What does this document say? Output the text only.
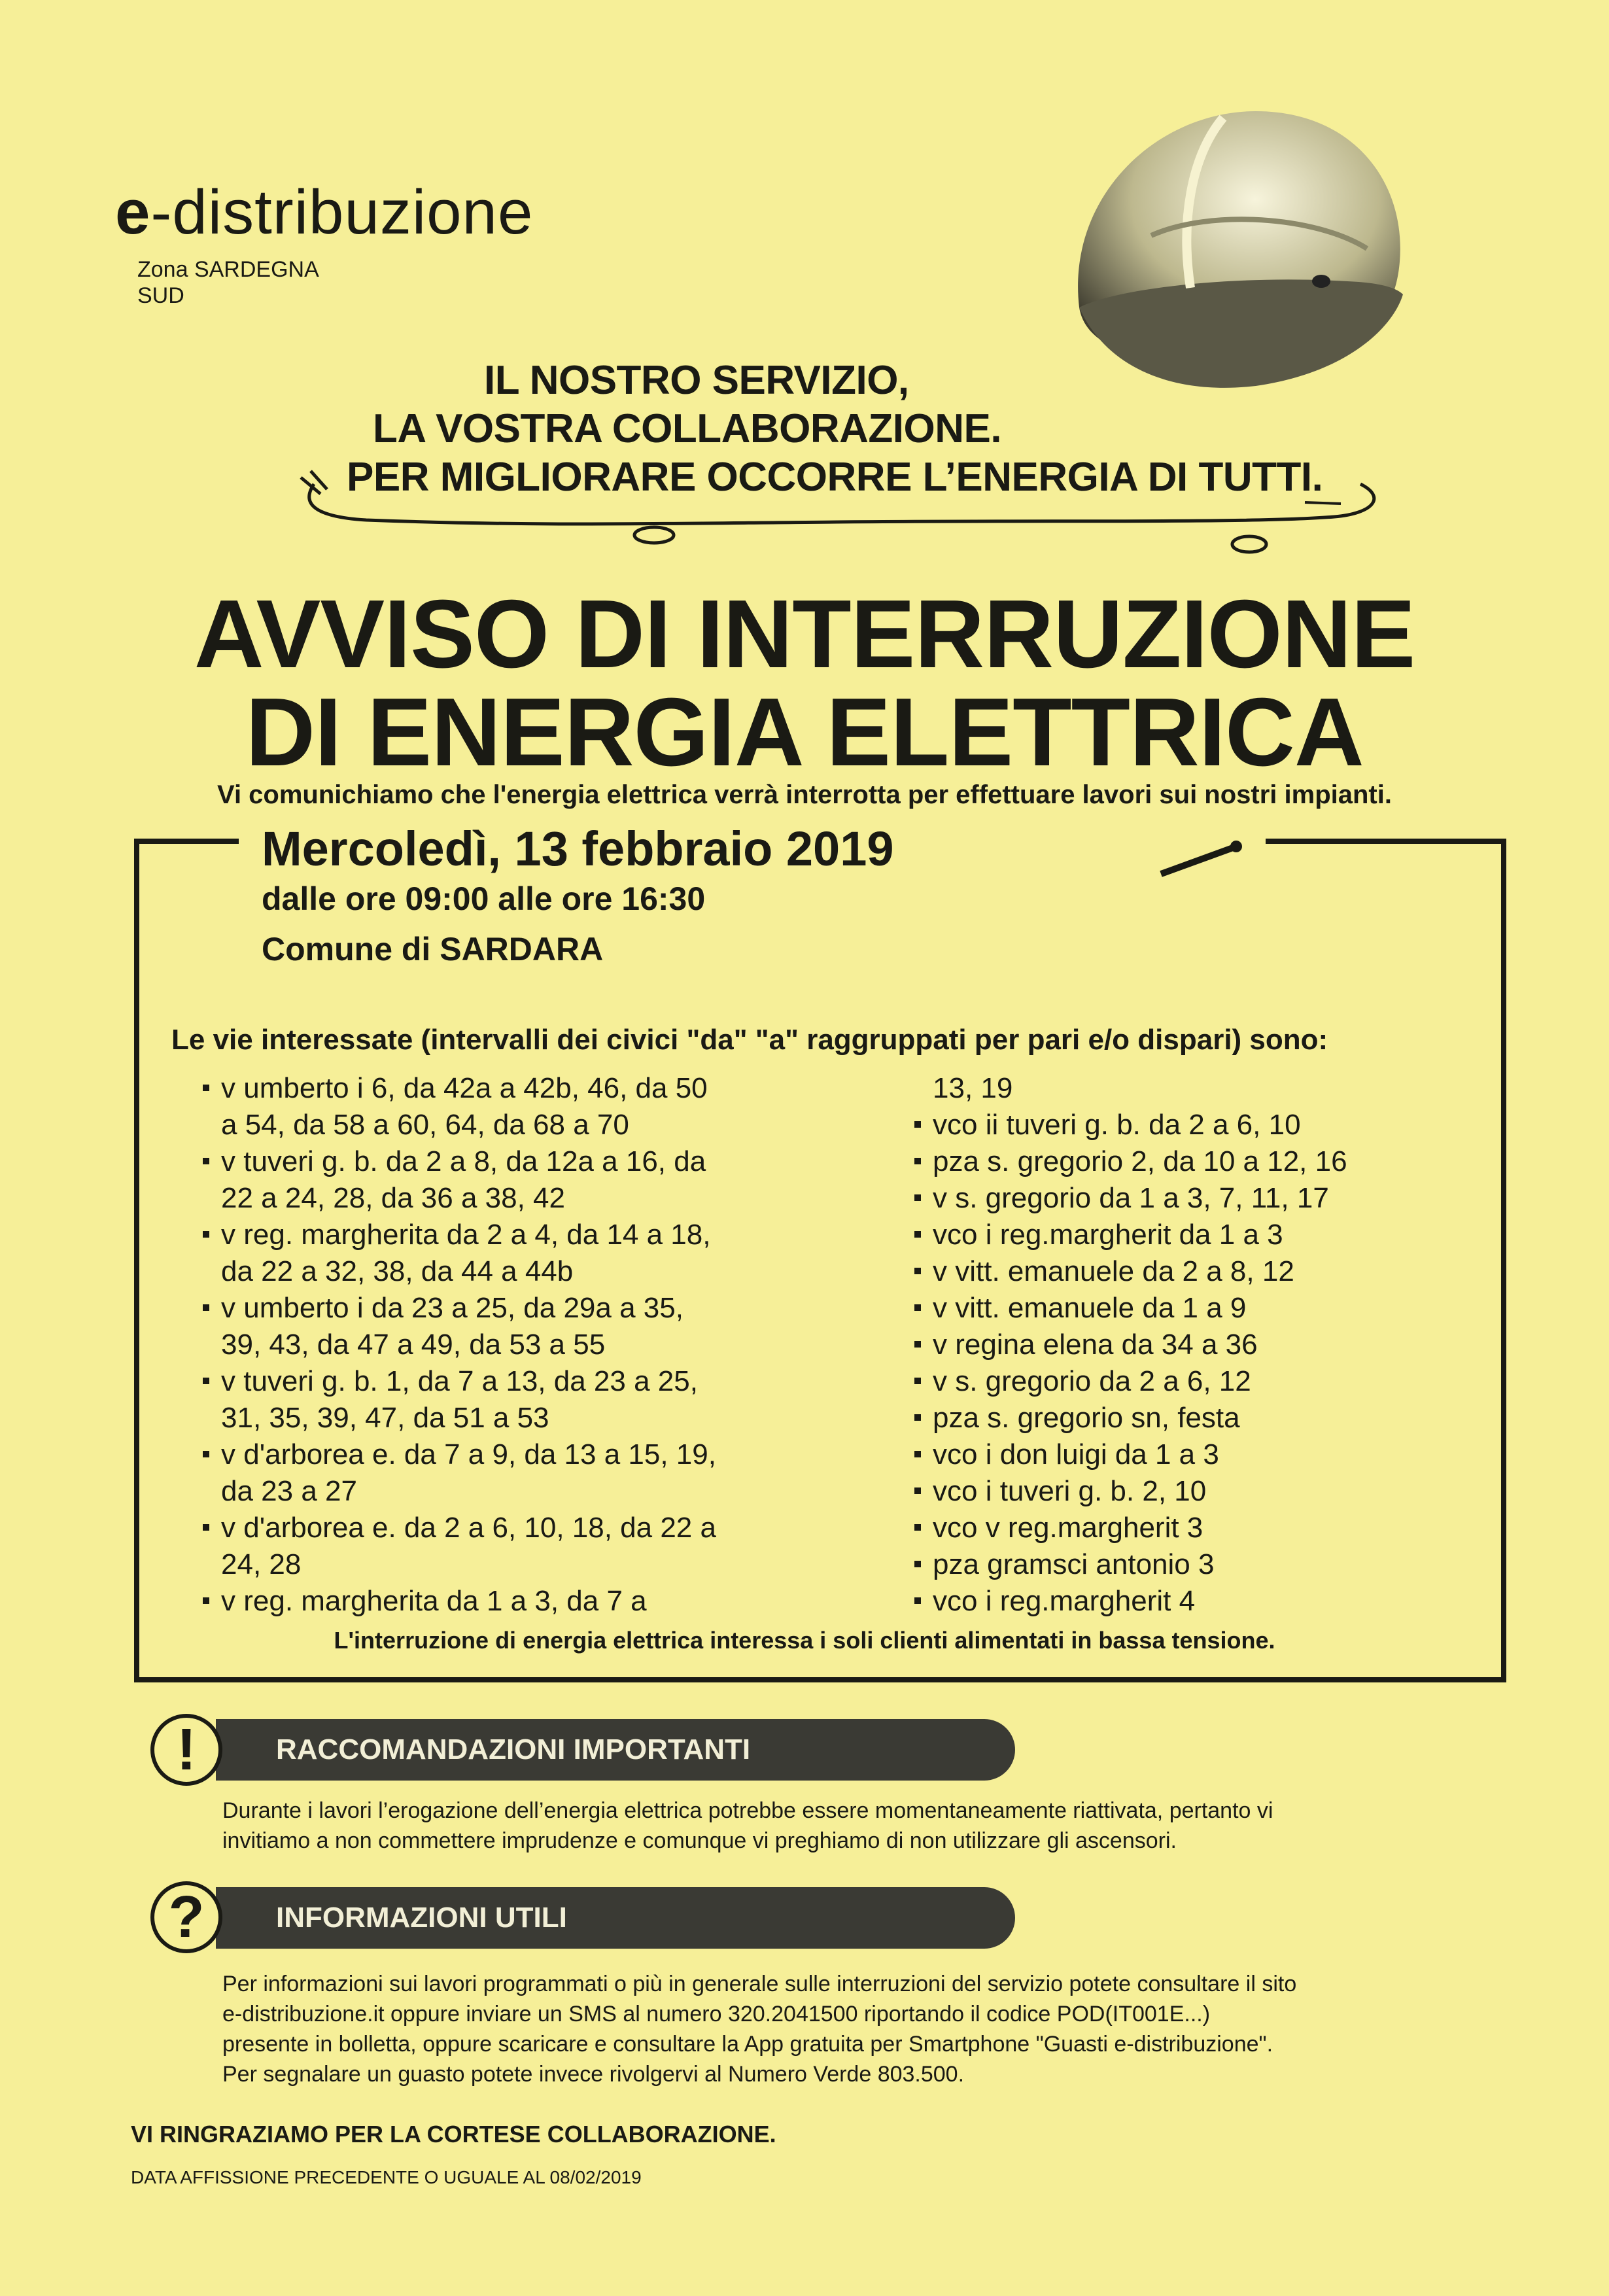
e-distribuzione
Zona SARDEGNA
SUD
IL NOSTRO SERVIZIO,
LA VOSTRA COLLABORAZIONE.
PER MIGLIORARE OCCORRE L’ENERGIA DI TUTTI.
AVVISO DI INTERRUZIONE
DI ENERGIA ELETTRICA
Vi comunichiamo che l'energia elettrica verrà interrotta per effettuare lavori sui nostri impianti.
Mercoledì, 13 febbraio 2019
dalle ore 09:00 alle ore 16:30
Comune di SARDARA
Le vie interessate (intervalli dei civici "da" "a" raggruppati per pari e/o dispari) sono:
v umberto i 6, da 42a a 42b, 46, da 50
a 54, da 58 a 60, 64, da 68 a 70
v tuveri g. b. da 2 a 8, da 12a a 16, da
22 a 24, 28, da 36 a 38, 42
v reg. margherita da 2 a 4, da 14 a 18,
da 22 a 32, 38, da 44 a 44b
v umberto i da 23 a 25, da 29a a 35,
39, 43, da 47 a 49, da 53 a 55
v tuveri g. b. 1, da 7 a 13, da 23 a 25,
31, 35, 39, 47, da 51 a 53
v d'arborea e. da 7 a 9, da 13 a 15, 19,
da 23 a 27
v d'arborea e. da 2 a 6, 10, 18, da 22 a
24, 28
v reg. margherita da 1 a 3, da 7 a
13, 19
vco ii tuveri g. b. da 2 a 6, 10
pza s. gregorio 2, da 10 a 12, 16
v s. gregorio da 1 a 3, 7, 11, 17
vco i reg.margherit da 1 a 3
v vitt. emanuele da 2 a 8, 12
v vitt. emanuele da 1 a 9
v regina elena da 34 a 36
v s. gregorio da 2 a 6, 12
pza s. gregorio sn, festa
vco i don luigi da 1 a 3
vco i tuveri g. b. 2, 10
vco v reg.margherit 3
pza gramsci antonio 3
vco i reg.margherit 4
L'interruzione di energia elettrica interessa i soli clienti alimentati in bassa tensione.
RACCOMANDAZIONI IMPORTANTI
!
Durante i lavori l’erogazione dell’energia elettrica potrebbe essere momentaneamente riattivata, pertanto vi
invitiamo a non commettere imprudenze e comunque vi preghiamo di non utilizzare gli ascensori.
INFORMAZIONI UTILI
?
Per informazioni sui lavori programmati o più in generale sulle interruzioni del servizio potete consultare il sito
e-distribuzione.it oppure inviare un SMS al numero 320.2041500 riportando il codice POD(IT001E...)
presente in bolletta, oppure scaricare e consultare la App gratuita per Smartphone "Guasti e-distribuzione".
Per segnalare un guasto potete invece rivolgervi al Numero Verde 803.500.
VI RINGRAZIAMO PER LA CORTESE COLLABORAZIONE.
DATA AFFISSIONE PRECEDENTE O UGUALE AL 08/02/2019
